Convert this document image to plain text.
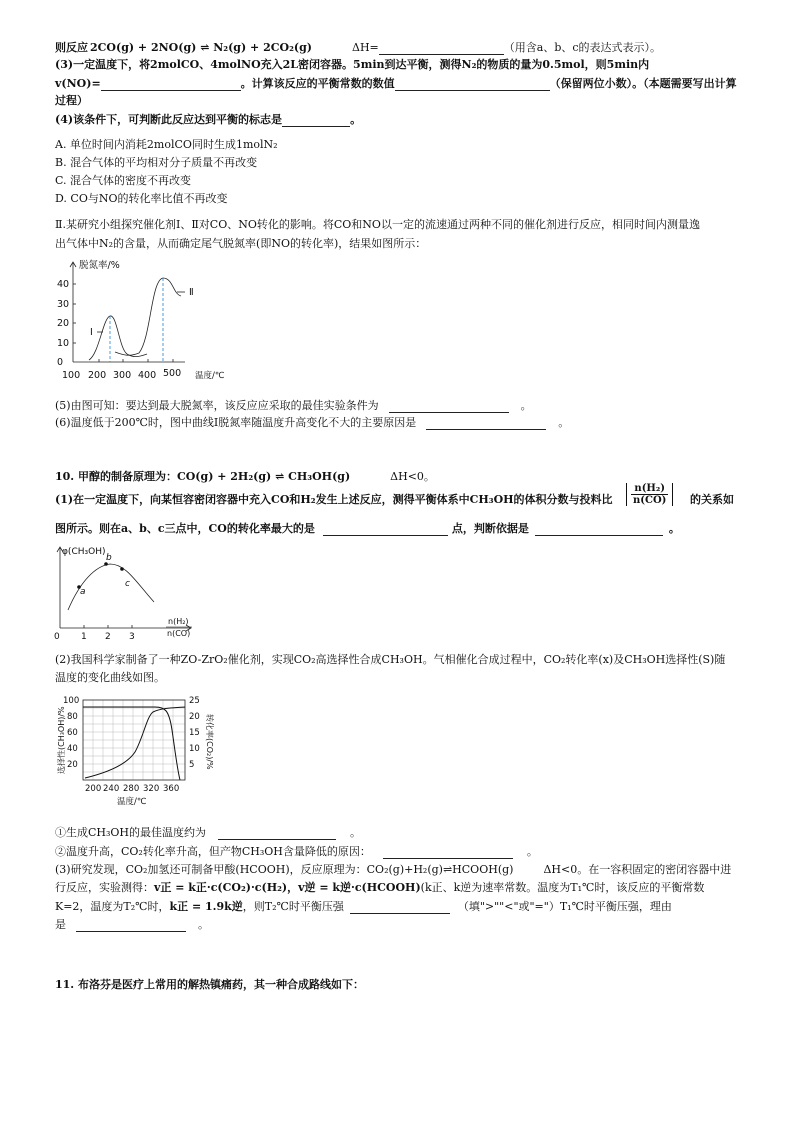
则反应 2CO(g) + 2NO(g) ⇌ N₂(g) + 2CO₂(g)	ΔH=	（用含a、b、c的表达式表示）。
(3)一定温度下，将2molCO、4molNO充入2L密闭容器。5min到达平衡，测得N₂的物质的量为0.5mol，则5min内
v(NO)=	。计算该反应的平衡常数的数值	（保留两位小数）。（本题需要写出计算
过程）
(4)该条件下，可判断此反应达到平衡的标志是	。
A. 单位时间内消耗2molCO同时生成1molN₂
B. 混合气体的平均相对分子质量不再改变
C. 混合气体的密度不再改变
D. CO与NO的转化率比值不再改变
Ⅱ.某研究小组探究催化剂Ⅰ、Ⅱ对CO、NO转化的影响。将CO和NO以一定的流速通过两种不同的催化剂进行反应，相同时间内测量逸
出气体中N₂的含量，从而确定尾气脱氮率(即NO的转化率)，结果如图所示：
脱氮率/%
0
10
20
30
40
100 200 300 400 500 温度/℃
Ⅰ
Ⅱ
(5)由图可知：要达到最大脱氮率，该反应应采取的最佳实验条件为	。
(6)温度低于200℃时，图中曲线Ⅰ脱氮率随温度升高变化不大的主要原因是	。
10. 甲醇的制备原理为：CO(g) + 2H₂(g) ⇌ CH₃OH(g)	ΔH<0。
(1)在一定温度下，向某恒容密闭容器中充入CO和H₂发生上述反应，测得平衡体系中CH₃OH的体积分数与投料比 $\frac{\text{n(H₂)}}{n(CO)}$ 的关系如
图所示。则在a、b、c三点中，CO的转化率最大的是	点，判断依据是	。
φ(CH₃OH)
0 1 2 3
a
b
c
n(H₂)
n(CO)
(2)我国科学家制备了一种ZO-ZrO₂催化剂，实现CO₂高选择性合成CH₃OH。气相催化合成过程中，CO₂转化率(x)及CH₃OH选择性(S)随
温度的变化曲线如图。
100
80
60
40
20
25
20
15
10
5
200 240 280 320 360
温度/℃
选择性(CH₃OH)/%	转化率(CO₂)/%
①生成CH₃OH的最佳温度约为	。
②温度升高，CO₂转化率升高，但产物CH₃OH含量降低的原因：	。
(3)研究发现，CO₂加氢还可制备甲酸(HCOOH)，反应原理为：CO₂(g)+H₂(g)⇌HCOOH(g)	ΔH<0。在一容积固定的密闭容器中进
行反应，实验测得：v正 = k正·c(CO₂)·c(H₂)，v逆 = k逆·c(HCOOH)(k正、k逆为速率常数。温度为T₁℃时，该反应的平衡常数
K=2，温度为T₂℃时，k正 = 1.9k逆，则T₂℃时平衡压强	（填">""<"或"="）T₁℃时平衡压强，理由
是	。
11. 布洛芬是医疗上常用的解热镇痛药，其一种合成路线如下：
